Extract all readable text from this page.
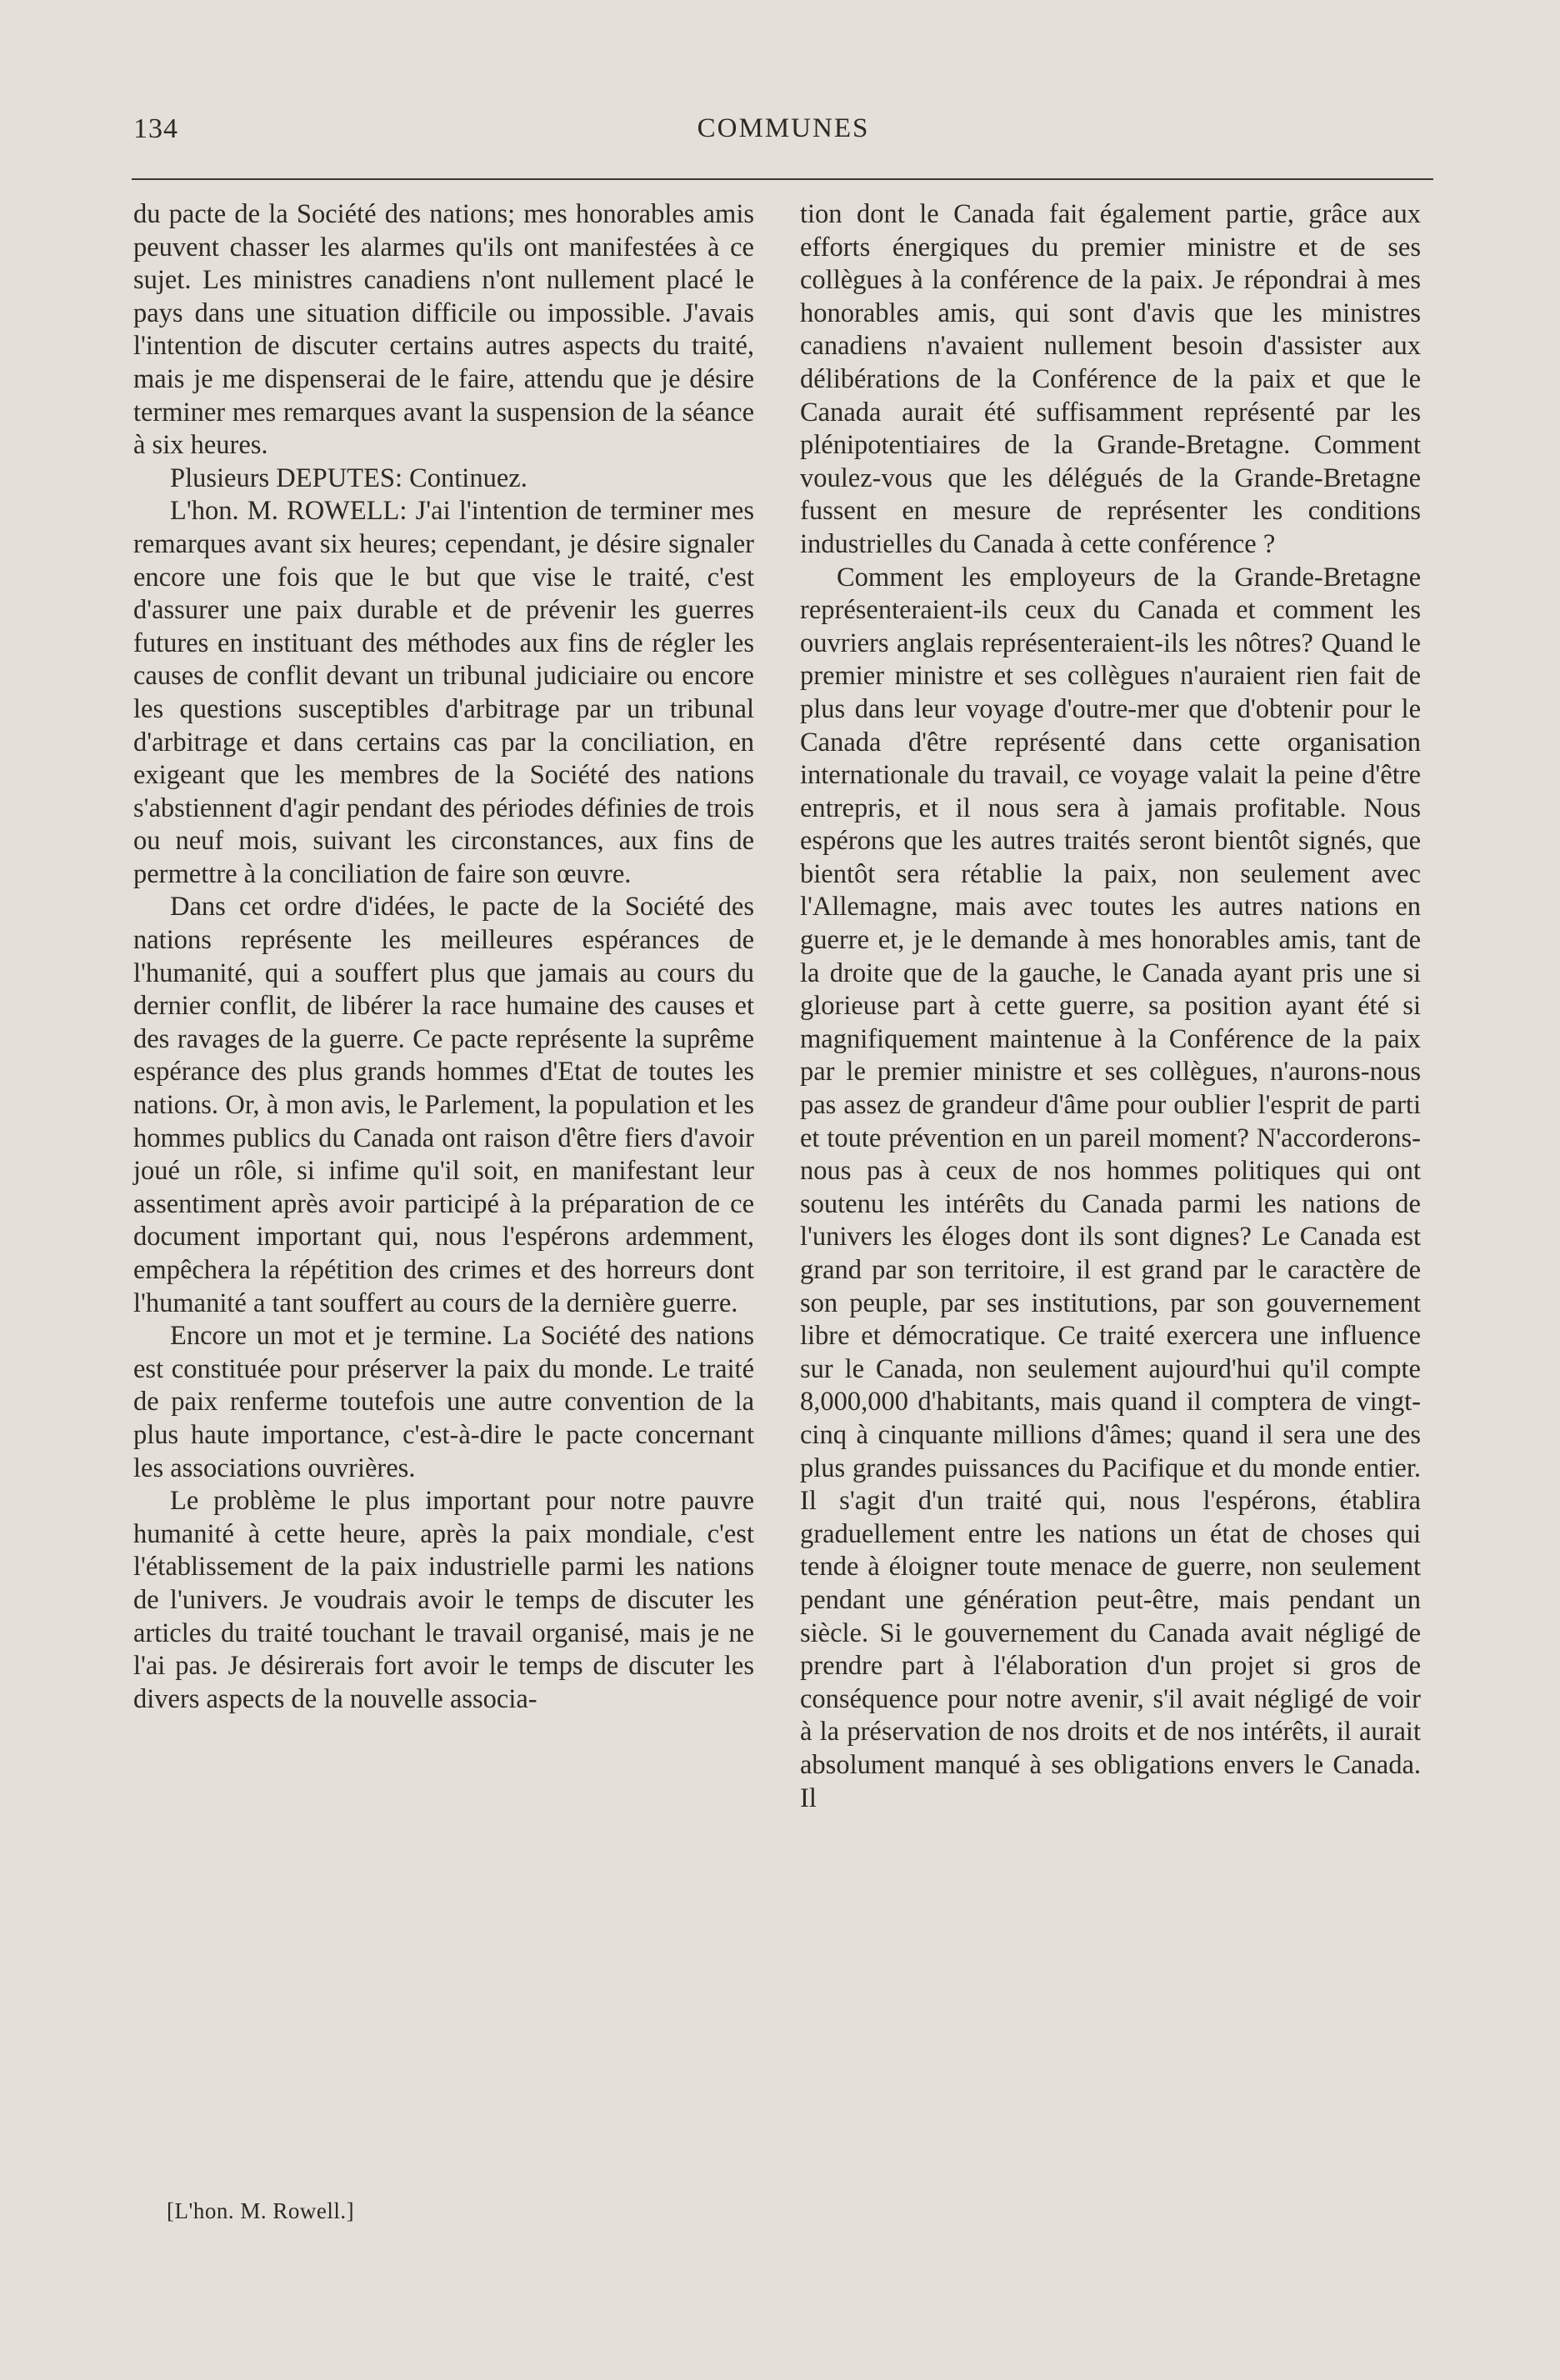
134	COMMUNES

du pacte de la Société des nations; mes honorables amis peuvent chasser les alarmes qu'ils ont manifestées à ce sujet. Les ministres canadiens n'ont nullement placé le pays dans une situation difficile ou impossible. J'avais l'intention de discuter certains autres aspects du traité, mais je me dispenserai de le faire, attendu que je désire terminer mes remarques avant la suspension de la séance à six heures.

Plusieurs DEPUTES: Continuez.

L'hon. M. ROWELL: J'ai l'intention de terminer mes remarques avant six heures; cependant, je désire signaler encore une fois que le but que vise le traité, c'est d'assurer une paix durable et de prévenir les guerres futures en instituant des méthodes aux fins de régler les causes de conflit devant un tribunal judiciaire ou encore les questions susceptibles d'arbitrage par un tribunal d'arbitrage et dans certains cas par la conciliation, en exigeant que les membres de la Société des nations s'abstiennent d'agir pendant des périodes définies de trois ou neuf mois, suivant les circonstances, aux fins de permettre à la conciliation de faire son œuvre.

Dans cet ordre d'idées, le pacte de la Société des nations représente les meilleures espérances de l'humanité, qui a souffert plus que jamais au cours du dernier conflit, de libérer la race humaine des causes et des ravages de la guerre. Ce pacte représente la suprême espérance des plus grands hommes d'Etat de toutes les nations. Or, à mon avis, le Parlement, la population et les hommes publics du Canada ont raison d'être fiers d'avoir joué un rôle, si infime qu'il soit, en manifestant leur assentiment après avoir participé à la préparation de ce document important qui, nous l'espérons ardemment, empêchera la répétition des crimes et des horreurs dont l'humanité a tant souffert au cours de la dernière guerre.

Encore un mot et je termine. La Société des nations est constituée pour préserver la paix du monde. Le traité de paix renferme toutefois une autre convention de la plus haute importance, c'est-à-dire le pacte concernant les associations ouvrières.

Le problème le plus important pour notre pauvre humanité à cette heure, après la paix mondiale, c'est l'établissement de la paix industrielle parmi les nations de l'univers. Je voudrais avoir le temps de discuter les articles du traité touchant le travail organisé, mais je ne l'ai pas. Je désirerais fort avoir le temps de discuter les divers aspects de la nouvelle associa-

tion dont le Canada fait également partie, grâce aux efforts énergiques du premier ministre et de ses collègues à la conférence de la paix. Je répondrai à mes honorables amis, qui sont d'avis que les ministres canadiens n'avaient nullement besoin d'assister aux délibérations de la Conférence de la paix et que le Canada aurait été suffisamment représenté par les plénipotentiaires de la Grande-Bretagne. Comment voulez-vous que les délégués de la Grande-Bretagne fussent en mesure de représenter les conditions industrielles du Canada à cette conférence ?

Comment les employeurs de la Grande-Bretagne représenteraient-ils ceux du Canada et comment les ouvriers anglais représenteraient-ils les nôtres? Quand le premier ministre et ses collègues n'auraient rien fait de plus dans leur voyage d'outre-mer que d'obtenir pour le Canada d'être représenté dans cette organisation internationale du travail, ce voyage valait la peine d'être entrepris, et il nous sera à jamais profitable. Nous espérons que les autres traités seront bientôt signés, que bientôt sera rétablie la paix, non seulement avec l'Allemagne, mais avec toutes les autres nations en guerre et, je le demande à mes honorables amis, tant de la droite que de la gauche, le Canada ayant pris une si glorieuse part à cette guerre, sa position ayant été si magnifiquement maintenue à la Conférence de la paix par le premier ministre et ses collègues, n'aurons-nous pas assez de grandeur d'âme pour oublier l'esprit de parti et toute prévention en un pareil moment? N'accorderons-nous pas à ceux de nos hommes politiques qui ont soutenu les intérêts du Canada parmi les nations de l'univers les éloges dont ils sont dignes? Le Canada est grand par son territoire, il est grand par le caractère de son peuple, par ses institutions, par son gouvernement libre et démocratique. Ce traité exercera une influence sur le Canada, non seulement aujourd'hui qu'il compte 8,000,000 d'habitants, mais quand il comptera de vingt-cinq à cinquante millions d'âmes; quand il sera une des plus grandes puissances du Pacifique et du monde entier. Il s'agit d'un traité qui, nous l'espérons, établira graduellement entre les nations un état de choses qui tende à éloigner toute menace de guerre, non seulement pendant une génération peut-être, mais pendant un siècle. Si le gouvernement du Canada avait négligé de prendre part à l'élaboration d'un projet si gros de conséquence pour notre avenir, s'il avait négligé de voir à la préservation de nos droits et de nos intérêts, il aurait absolument manqué à ses obligations envers le Canada. Il

[L'hon. M. Rowell.]
